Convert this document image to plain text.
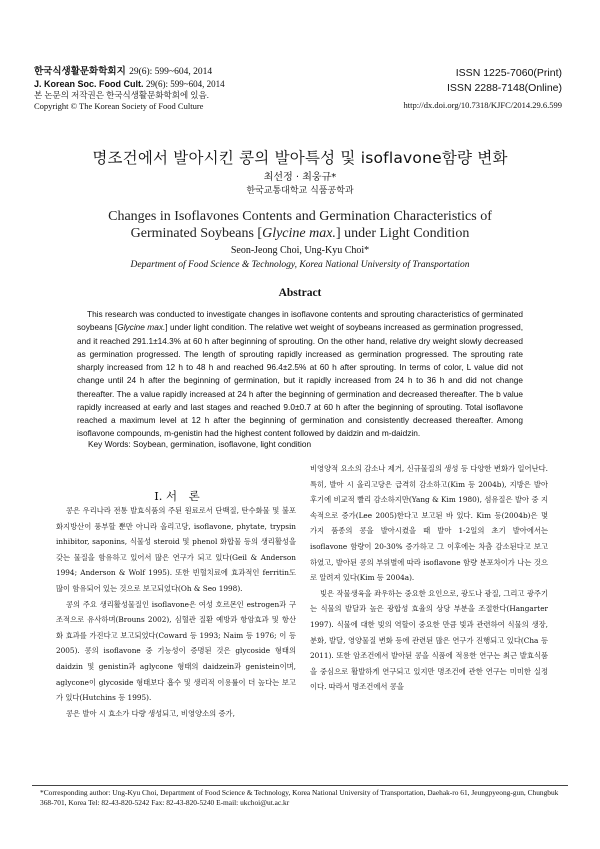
한국식생활문화학회지 29(6): 599~604, 2014
J. Korean Soc. Food Cult. 29(6): 599~604, 2014
본 논문의 저작권은 한국식생활문화학회에 있음.
Copyright © The Korean Society of Food Culture
ISSN 1225-7060(Print)
ISSN 2288-7148(Online)
http://dx.doi.org/10.7318/KJFC/2014.29.6.599
명조건에서 발아시킨 콩의 발아특성 및 isoflavone함량 변화
최선정 · 최웅규*
한국교통대학교 식품공학과
Changes in Isoflavones Contents and Germination Characteristics of
Germinated Soybeans [Glycine max.] under Light Condition
Seon-Jeong Choi, Ung-Kyu Choi*
Department of Food Science & Technology, Korea National University of Transportation
Abstract
This research was conducted to investigate changes in isoflavone contents and sprouting characteristics of germinated soybeans [Glycine max.] under light condition. The relative wet weight of soybeans increased as germination progressed, and it reached 291.1±14.3% at 60 h after beginning of sprouting. On the other hand, relative dry weight slowly decreased as germination progressed. The length of sprouting rapidly increased as germination progressed. The sprouting rate sharply increased from 12 h to 48 h and reached 96.4±2.5% at 60 h after sprouting. In terms of color, L value did not change until 24 h after the beginning of germination, but it rapidly increased from 24 h to 36 h and did not change thereafter. The a value rapidly increased at 24 h after the beginning of germination and decreased thereafter. The b value rapidly increased at early and last stages and reached 9.0±0.7 at 60 h after the beginning of sprouting. Total isoflavone reached a maximum level at 12 h after the beginning of germination and consistently decreased thereafter. Among isoflavone compounds, m-genistin had the highest content followed by daidzin and m-daidzin.
Key Words: Soybean, germination, isoflavone, light condition
Ⅰ. 서　론

콩은 우리나라 전통 발효식품의 주된 원료로서 단백질, 탄수화물 및 불포화지방산이 풍부할 뿐만 아니라 올리고당, isoflavone, phytate, trypsin inhibitor, saponins, 식물성 steroid 및 phenol 화합물 등의 생리활성을 갖는 물질을 함유하고 있어서 많은 연구가 되고 있다(Geil & Anderson 1994; Anderson & Wolf 1995). 또한 빈혈치료에 효과적인 ferritin도 많이 함유되어 있는 것으로 보고되었다(Oh & Seo 1998).

콩의 주요 생리활성물질인 isoflavone은 여성 호르몬인 estrogen과 구조적으로 유사하며(Brouns 2002), 심혈관 질환 예방과 항암효과 및 항산화 효과를 가진다고 보고되었다(Coward 등 1993; Naim 등 1976; 이 등 2005). 콩의 isoflavone 중 기능성이 증명된 것은 glycoside 형태의 daidzin 및 genistin과 aglycone 형태의 daidzein과 genistein이며, aglycone이 glycoside 형태보다 흡수 및 생리적 이용률이 더 높다는 보고가 있다(Hutchins 등 1995).

콩은 발아 시 효소가 다량 생성되고, 비영양소의 증가,

비영양적 요소의 감소나 제거, 신규물질의 생성 등 다양한 변화가 일어난다. 특히, 발아 시 올리고당은 급격히 감소하고(Kim 등 2004b), 지방은 발아 후기에 비교적 빨리 감소하지만(Yang & Kim 1980), 섬유질은 발아 중 지속적으로 증가(Lee 2005)한다고 보고된 바 있다. Kim 등(2004b)은 몇 가지 품종의 콩을 발아시켰을 때 발아 1-2일의 초기 발아에서는 isoflavone 함량이 20-30% 증가하고 그 이후에는 차츰 감소된다고 보고 하였고, 발아된 콩의 부위별에 따라 isoflavone 함량 분포차이가 나는 것으로 알려져 있다(Kim 등 2004a).

빛은 작물생육을 좌우하는 중요한 요인으로, 광도나 광질, 그리고 광주기는 식물의 발달과 높은 광합성 효율의 상당 부분을 조절한다(Hangarter 1997). 식물에 대한 빛의 역할이 중요한 만큼 빛과 관련하여 식물의 생장, 분화, 발달, 영양물질 변화 등에 관련된 많은 연구가 진행되고 있다(Cha 등 2011). 또한 암조건에서 발아된 콩을 식품에 적용한 연구는 최근 발효식품을 중심으로 활발하게 연구되고 있지만 명조건에 관한 연구는 미미한 실정이다. 따라서 명조건에서 콩을

*Corresponding author: Ung-Kyu Choi, Department of Food Science & Technology, Korea National University of Transportation, Daehak-ro 61, Jeungpyeong-gun, Chungbuk 368-701, Korea Tel: 82-43-820-5242 Fax: 82-43-820-5240 E-mail: ukchoi@ut.ac.kr
